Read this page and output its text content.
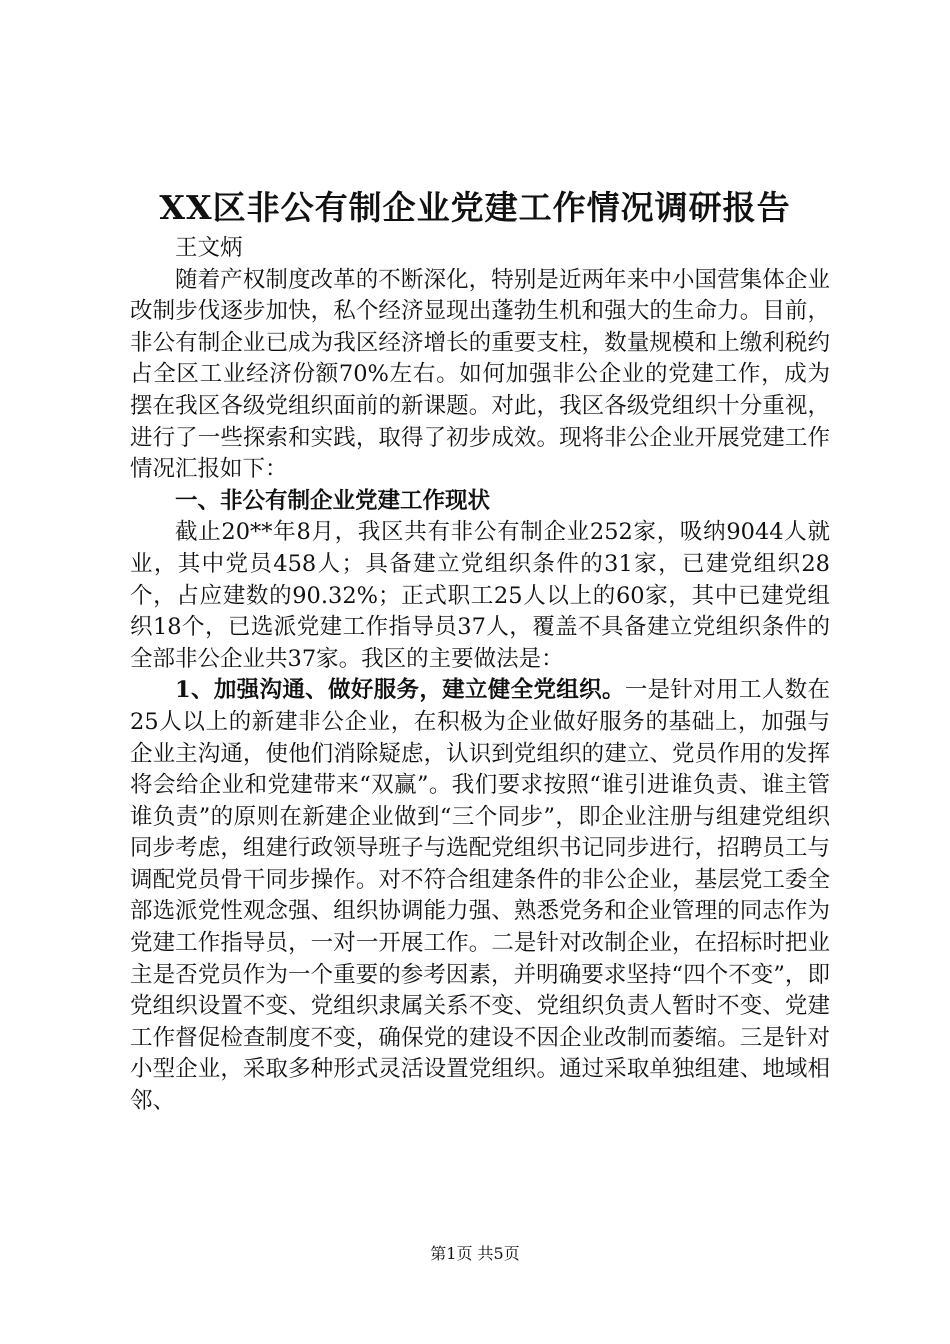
XX区非公有制企业党建工作情况调研报告
王文炳

随着产权制度改革的不断深化，特别是近两年来中小国营集体企业改制步伐逐步加快，私个经济显现出蓬勃生机和强大的生命力。目前，非公有制企业已成为我区经济增长的重要支柱，数量规模和上缴利税约占全区工业经济份额70%左右。如何加强非公企业的党建工作，成为摆在我区各级党组织面前的新课题。对此，我区各级党组织十分重视，进行了一些探索和实践，取得了初步成效。现将非公企业开展党建工作情况汇报如下：

一、非公有制企业党建工作现状

截止20**年8月，我区共有非公有制企业252家，吸纳9044人就业，其中党员458人；具备建立党组织条件的31家，已建党组织28个，占应建数的90.32%；正式职工25人以上的60家，其中已建党组织18个，已选派党建工作指导员37人，覆盖不具备建立党组织条件的全部非公企业共37家。我区的主要做法是：

1、加强沟通、做好服务，建立健全党组织。一是针对用工人数在25人以上的新建非公企业，在积极为企业做好服务的基础上，加强与企业主沟通，使他们消除疑虑，认识到党组织的建立、党员作用的发挥将会给企业和党建带来“双赢”。我们要求按照“谁引进谁负责、谁主管谁负责”的原则在新建企业做到“三个同步”，即企业注册与组建党组织同步考虑，组建行政领导班子与选配党组织书记同步进行，招聘员工与调配党员骨干同步操作。对不符合组建条件的非公企业，基层党工委全部选派党性观念强、组织协调能力强、熟悉党务和企业管理的同志作为党建工作指导员，一对一开展工作。二是针对改制企业，在招标时把业主是否党员作为一个重要的参考因素，并明确要求坚持“四个不变”，即党组织设置不变、党组织隶属关系不变、党组织负责人暂时不变、党建工作督促检查制度不变，确保党的建设不因企业改制而萎缩。三是针对小型企业，采取多种形式灵活设置党组织。通过采取单独组建、地域相邻、

第1页 共5页
